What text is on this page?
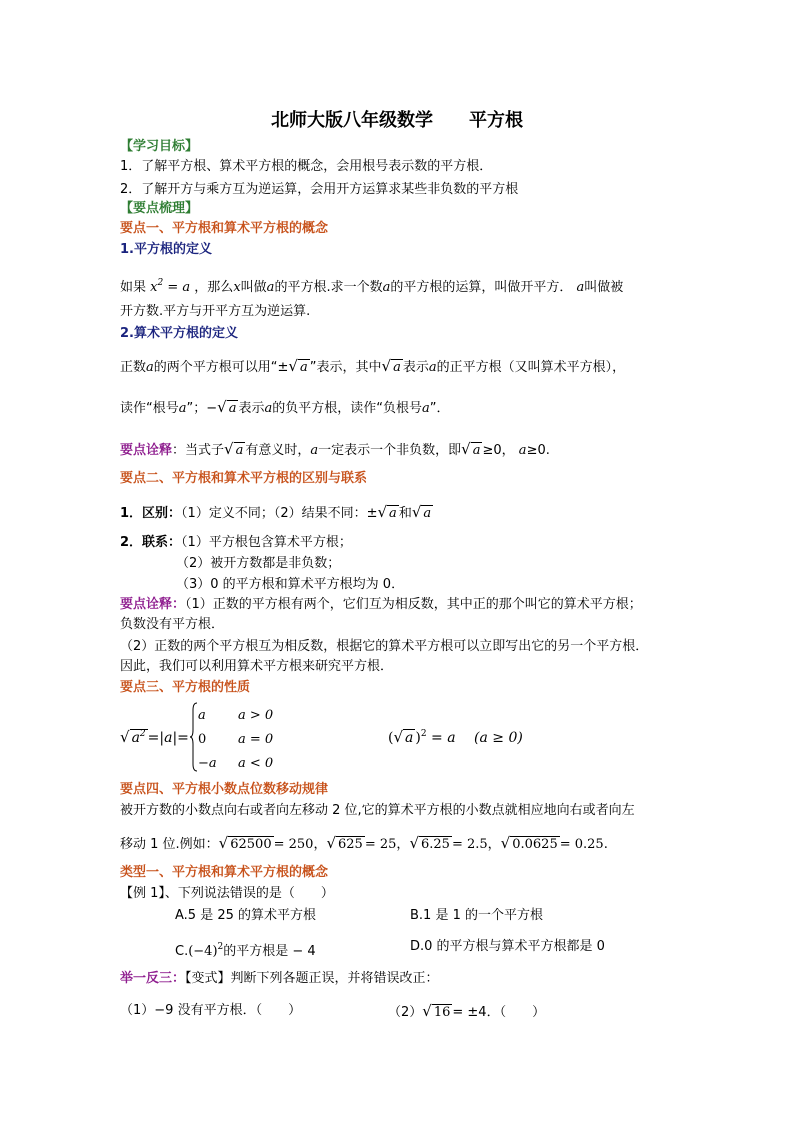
北师大版八年级数学　　平方根
【学习目标】
1．了解平方根、算术平方根的概念，会用根号表示数的平方根．
2．了解开方与乘方互为逆运算，会用开方运算求某些非负数的平方根
【要点梳理】
要点一、平方根和算术平方根的概念
1.平方根的定义
如果 $x^2 = a$ ，那么x叫做a的平方根.求一个数a的平方根的运算，叫做开平方． a叫做被
开方数.平方与开平方互为逆运算.
2.算术平方根的定义
正数a的两个平方根可以用“±√ a ”表示，其中√ a 表示a的正平方根（又叫算术平方根），
读作“根号a”；−√ a 表示a的负平方根，读作“负根号a”．
要点诠释：当式子√ a 有意义时，a一定表示一个非负数，即√ a ≥0， a≥0.
要点二、平方根和算术平方根的区别与联系
1．区别：（1）定义不同；（2）结果不同：±√ a 和√ a
2．联系：（1）平方根包含算术平方根；
（2）被开方数都是非负数；
（3）0 的平方根和算术平方根均为 0．
要点诠释：（1）正数的平方根有两个，它们互为相反数，其中正的那个叫它的算术平方根；
负数没有平方根．
（2）正数的两个平方根互为相反数，根据它的算术平方根可以立即写出它的另一个平方根．
因此，我们可以利用算术平方根来研究平方根．
要点三、平方根的性质
√ $a^2 =|a|=$
a a > 0
0 a = 0
−a a < 0
(√ a )$^2$ = a (a ≥ 0)
要点四、平方根小数点位数移动规律
被开方数的小数点向右或者向左移动 2 位,它的算术平方根的小数点就相应地向右或者向左
移动 1 位.例如：√ 62500 = 250，√ 625 = 25，√ 6.25 = 2.5，√ 0.0625 = 0.25.
类型一、平方根和算术平方根的概念
【例 1】、下列说法错误的是（　　）
A.5 是 25 的算术平方根	B.1 是 1 的一个平方根
$C.(-4)^2$的平方根是 − 4	D.0 的平方根与算术平方根都是 0
举一反三：【变式】判断下列各题正误，并将错误改正：
（1）−9 没有平方根．（　　）	（2）√ 16 = ±4．（　　）
